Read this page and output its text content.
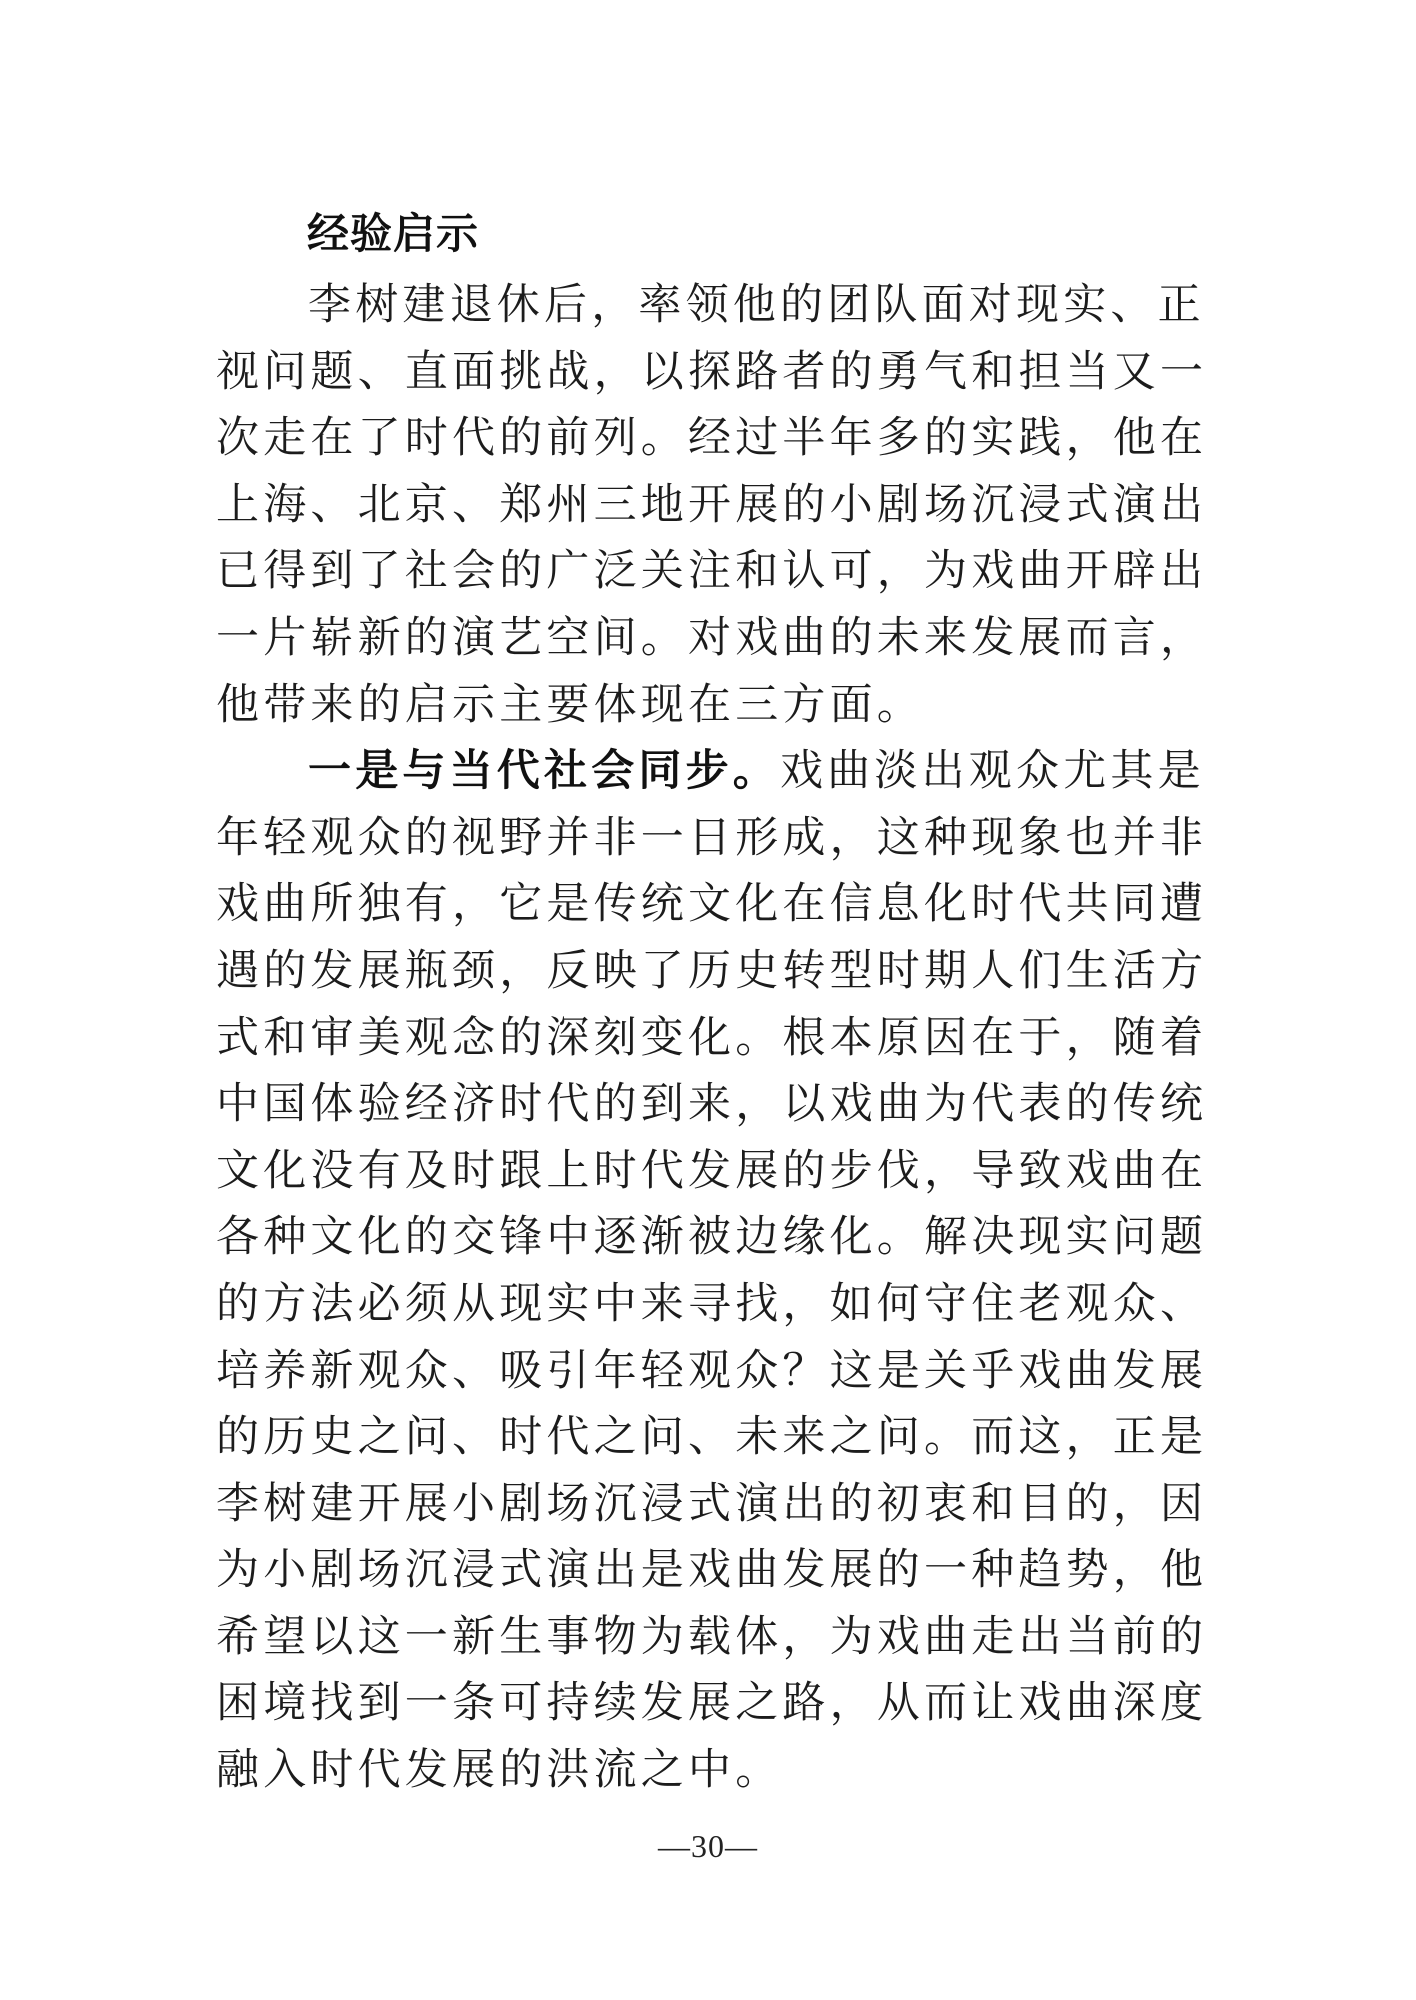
经验启示
李树建退休后，率领他的团队面对现实、正
视问题、直面挑战，以探路者的勇气和担当又一
次走在了时代的前列。经过半年多的实践，他在
上海、北京、郑州三地开展的小剧场沉浸式演出
已得到了社会的广泛关注和认可，为戏曲开辟出
一片崭新的演艺空间。对戏曲的未来发展而言，
他带来的启示主要体现在三方面。
一是与当代社会同步。戏曲淡出观众尤其是
年轻观众的视野并非一日形成，这种现象也并非
戏曲所独有，它是传统文化在信息化时代共同遭
遇的发展瓶颈，反映了历史转型时期人们生活方
式和审美观念的深刻变化。根本原因在于，随着
中国体验经济时代的到来，以戏曲为代表的传统
文化没有及时跟上时代发展的步伐，导致戏曲在
各种文化的交锋中逐渐被边缘化。解决现实问题
的方法必须从现实中来寻找，如何守住老观众、
培养新观众、吸引年轻观众？这是关乎戏曲发展
的历史之问、时代之问、未来之问。而这，正是
李树建开展小剧场沉浸式演出的初衷和目的，因
为小剧场沉浸式演出是戏曲发展的一种趋势，他
希望以这一新生事物为载体，为戏曲走出当前的
困境找到一条可持续发展之路，从而让戏曲深度
融入时代发展的洪流之中。
—30—
